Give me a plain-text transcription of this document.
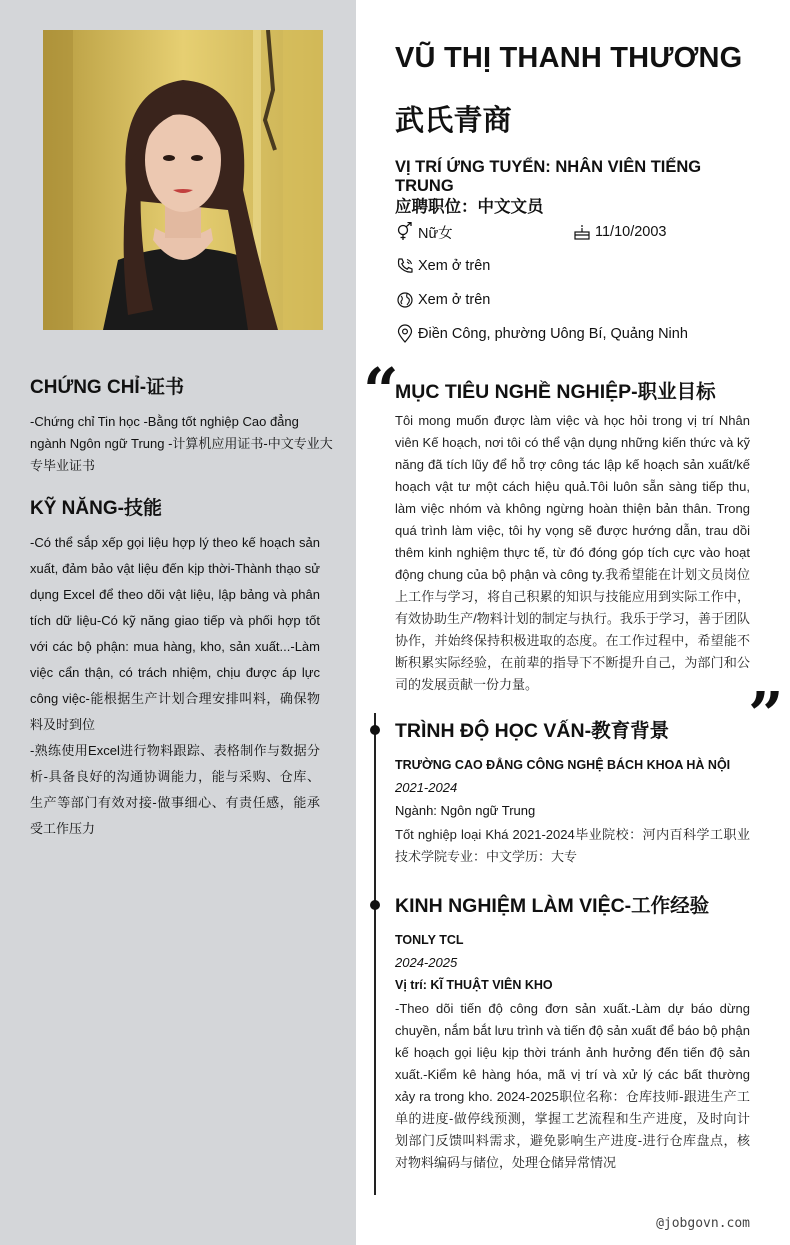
CHỨNG CHỈ-证书
-Chứng chỉ Tin học -Bằng tốt nghiệp Cao đẳng ngành Ngôn ngữ Trung -计算机应用证书-中文专业大专毕业证书
KỸ NĂNG-技能
-Có thể sắp xếp gọi liệu hợp lý theo kế hoạch sản xuất, đảm bảo vật liệu đến kịp thời-Thành thạo sử dụng Excel để theo dõi vật liệu, lập bảng và phân tích dữ liệu-Có kỹ năng giao tiếp và phối hợp tốt với các bộ phận: mua hàng, kho, sản xuất...-Làm việc cẩn thận, có trách nhiệm, chịu được áp lực công việc-能根据生产计划合理安排叫料，确保物料及时到位
-熟练使用Excel进行物料跟踪、表格制作与数据分析-具备良好的沟通协调能力，能与采购、仓库、生产等部门有效对接-做事细心、有责任感，能承受工作压力
VŨ THỊ THANH THƯƠNG
武氏青商
VỊ TRÍ ỨNG TUYỂN: NHÂN VIÊN TIẾNG TRUNG
应聘职位：中文文员
Nữ女	11/10/2003
Xem ở trên
Xem ở trên
Điền Công, phường Uông Bí, Quảng Ninh
“
”
MỤC TIÊU NGHỀ NGHIỆP-职业目标
Tôi mong muốn được làm việc và học hỏi trong vị trí Nhân viên Kế hoạch, nơi tôi có thể vận dụng những kiến thức và kỹ năng đã tích lũy để hỗ trợ công tác lập kế hoạch sản xuất/kế hoạch vật tư một cách hiệu quả.Tôi luôn sẵn sàng tiếp thu, làm việc nhóm và không ngừng hoàn thiện bản thân. Trong quá trình làm việc, tôi hy vọng sẽ được hướng dẫn, trau dồi thêm kinh nghiệm thực tế, từ đó đóng góp tích cực vào hoạt động chung của bộ phận và công ty.我希望能在计划文员岗位上工作与学习，将自己积累的知识与技能应用到实际工作中，有效协助生产/物料计划的制定与执行。我乐于学习，善于团队协作，并始终保持积极进取的态度。在工作过程中，希望能不断积累实际经验，在前辈的指导下不断提升自己，为部门和公司的发展贡献一份力量。
TRÌNH ĐỘ HỌC VẤN-教育背景
TRƯỜNG CAO ĐẲNG CÔNG NGHỆ BÁCH KHOA HÀ NỘI
2021-2024
Ngành: Ngôn ngữ Trung
Tốt nghiệp loại Khá 2021-2024毕业院校：河内百科学工职业技术学院专业：中文学历：大专
KINH NGHIỆM LÀM VIỆC-工作经验
TONLY TCL
2024-2025
Vị trí: KĨ THUẬT VIÊN KHO
-Theo dõi tiến độ công đơn sản xuất.-Làm dự báo dừng chuyền, nắm bắt lưu trình và tiến độ sản xuất để báo bộ phận kế hoạch gọi liệu kịp thời tránh ảnh hưởng đến tiến độ sản xuất.-Kiểm kê hàng hóa, mã vị trí và xử lý các bất thường xảy ra trong kho. 2024-2025职位名称：仓库技师-跟进生产工单的进度-做停线预测，掌握工艺流程和生产进度，及时向计划部门反馈叫料需求，避免影响生产进度-进行仓库盘点，核对物料编码与储位，处理仓储异常情况
@jobgovn.com
